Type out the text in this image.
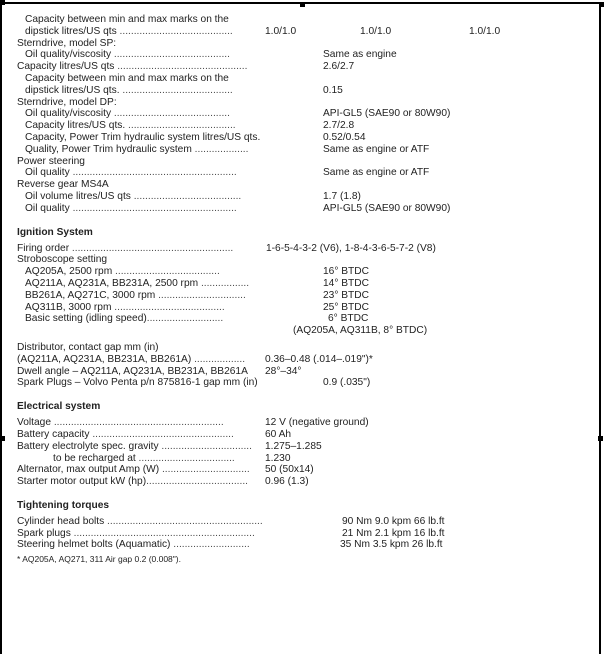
Capacity between min and max marks on the
dipstick litres/US qts ........................................	1.0/1.0	1.0/1.0	1.0/1.0
Sterndrive, model SP:
Oil quality/viscosity .........................................	Same as engine
Capacity litres/US qts ..............................................	2.6/2.7
Capacity between min and max marks on the
dipstick litres/US qts. .......................................	0.15
Sterndrive, model DP:
Oil quality/viscosity .........................................	API-GL5 (SAE90 or 80W90)
Capacity litres/US qts. ......................................	2.7/2.8
Capacity, Power Trim hydraulic system litres/US qts.	0.52/0.54
Quality, Power Trim hydraulic system ...................	Same as engine or ATF
Power steering
Oil quality ..........................................................	Same as engine or ATF
Reverse gear MS4A
Oil volume litres/US qts ......................................	1.7 (1.8)
Oil quality ..........................................................	API-GL5 (SAE90 or 80W90)
Ignition System
Firing order .........................................................	1-6-5-4-3-2 (V6), 1-8-4-3-6-5-7-2 (V8)
Stroboscope setting
AQ205A, 2500 rpm .....................................	16° BTDC
AQ211A, AQ231A, BB231A, 2500 rpm .................	14° BTDC
BB261A, AQ271C, 3000 rpm ...............................	23° BTDC
AQ311B, 3000 rpm .......................................	25° BTDC
Basic setting (idling speed)...........................	6° BTDC
(AQ205A, AQ311B, 8° BTDC)
Distributor, contact gap mm (in)
(AQ211A, AQ231A, BB231A, BB261A) .................. 0.36–0.48 (.014–.019")*
Dwell angle – AQ211A, AQ231A, BB231A, BB261A 28°–34°
Spark Plugs – Volvo Penta p/n 875816-1 gap mm (in)	0.9 (.035")
Electrical system
Voltage ............................................................	12 V (negative ground)
Battery capacity ..................................................	60 Ah
Battery electrolyte spec. gravity ................................ 1.275–1.285
to be recharged at ..................................	1.230
Alternator, max output Amp (W) ............................... 50 (50x14)
Starter motor output kW (hp).................................... 0.96 (1.3)
Tightening torques
Cylinder head bolts .......................................................	90 Nm 9.0 kpm 66 lb.ft
Spark plugs ................................................................	21 Nm 2.1 kpm 16 lb.ft
Steering helmet bolts (Aquamatic) ...........................	35 Nm 3.5 kpm 26 lb.ft
* AQ205A, AQ271, 311 Air gap 0.2 (0.008").
